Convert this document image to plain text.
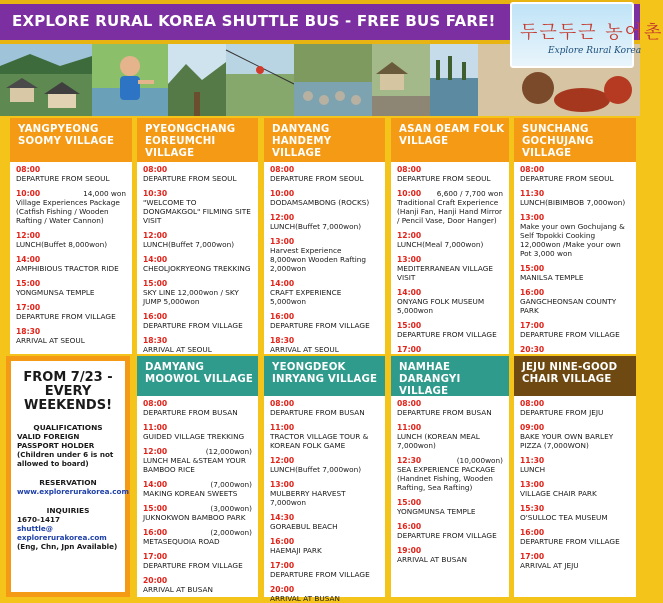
EXPLORE RURAL KOREA SHUTTLE BUS - FREE BUS FARE!
두근두근 농어촌
Explore Rural Korea
YANGPYEONG SOOMY VILLAGE
08:00
DEPARTURE FROM SEOUL
10:00	14,000 won
Village Experiences Package (Catfish Fishing / Wooden Rafting / Water Cannon)
12:00
LUNCH(Buffet 8,000won)
14:00
AMPHIBIOUS TRACTOR RIDE
15:00
YONGMUNSA TEMPLE
17:00
DEPARTURE FROM VILLAGE
18:30
ARRIVAL AT SEOUL
PYEONGCHANG EOREUMCHI VILLAGE
08:00
DEPARTURE FROM SEOUL
10:30
"WELCOME TO DONGMAKGOL" FILMING SITE VISIT
12:00
LUNCH(Buffet 7,000won)
14:00
CHEOLJOKRYEONG TREKKING
15:00
SKY LINE 12,000won / SKY JUMP 5,000won
16:00
DEPARTURE FROM VILLAGE
18:30
ARRIVAL AT SEOUL
DANYANG HANDEMY VILLAGE
08:00
DEPARTURE FROM SEOUL
10:00
DODAMSAMBONG (ROCKS)
12:00
LUNCH(Buffet 7,000won)
13:00
Harvest Experience 8,000won Wooden Rafting 2,000won
14:00
CRAFT EXPERIENCE 5,000won
16:00
DEPARTURE FROM VILLAGE
18:30
ARRIVAL AT SEOUL
ASAN OEAM FOLK VILLAGE
08:00
DEPARTURE FROM SEOUL
10:00 6,600 / 7,700 won
Traditional Craft Experience (Hanji Fan, Hanji Hand Mirror / Pencil Vase, Door Hanger)
12:00
LUNCH(Meal 7,000won)
13:00
MEDITERRANEAN VILLAGE VISIT
14:00
ONYANG FOLK MUSEUM 5,000won
15:00
DEPARTURE FROM VILLAGE
17:00
SUNCHANG GOCHUJANG VILLAGE
08:00
DEPARTURE FROM SEOUL
11:30
LUNCH(BIBIMBOB 7,000won)
13:00
Make your own Gochujang & Self Topokki Cooking 12,000won /Make your own Pot 3,000 won
15:00
MANILSA TEMPLE
16:00
GANGCHEONSAN COUNTY PARK
17:00
DEPARTURE FROM VILLAGE
20:30
DAMYANG MOOWOL VILLAGE
08:00
DEPARTURE FROM BUSAN
11:00
GUIDED VILLAGE TREKKING
12:00	(12,000won)
LUNCH MEAL &STEAM YOUR BAMBOO RICE
14:00	(7,000won)
MAKING KOREAN SWEETS
15:00	(3,000won)
JUKNOKWON BAMBOO PARK
16:00	(2,000won)
METASEQUOIA ROAD
17:00
DEPARTURE FROM VILLAGE
20:00
ARRIVAL AT BUSAN
YEONGDEOK INRYANG VILLAGE
08:00
DEPARTURE FROM BUSAN
11:00
TRACTOR VILLAGE TOUR & KOREAN FOLK GAME
12:00
LUNCH(Buffet 7,000won)
13:00
MULBERRY HARVEST 7,000won
14:30
GORAEBUL BEACH
16:00
HAEMAJI PARK
17:00
DEPARTURE FROM VILLAGE
20:00
ARRIVAL AT BUSAN
NAMHAE DARANGYI VILLAGE
08:00
DEPARTURE FROM BUSAN
11:00
LUNCH (KOREAN MEAL 7,000won)
12:30	(10,000won)
SEA EXPERIENCE PACKAGE (Handnet Fishing, Wooden Rafting, Sea Rafting)
15:00
YONGMUNSA TEMPLE
16:00
DEPARTURE FROM VILLAGE
19:00
ARRIVAL AT BUSAN
JEJU NINE-GOOD CHAIR VILLAGE
08:00
DEPARTURE FROM JEJU
09:00
BAKE YOUR OWN BARLEY PIZZA (7,000WON)
11:30
LUNCH
13:00
VILLAGE CHAIR PARK
15:30
O'SULLOC TEA MUSEUM
16:00
DEPARTURE FROM VILLAGE
17:00
ARRIVAL AT JEJU
FROM 7/23 - EVERY WEEKENDS!
QUALIFICATIONS
VALID FOREIGN
PASSPORT HOLDER
(Children under 6 is not
allowed to board)
RESERVATION
www.explorerurakorea.com
INQUIRIES
1670-1417
shuttle@
explorerurakorea.com
(Eng, Chn, Jpn Available)
